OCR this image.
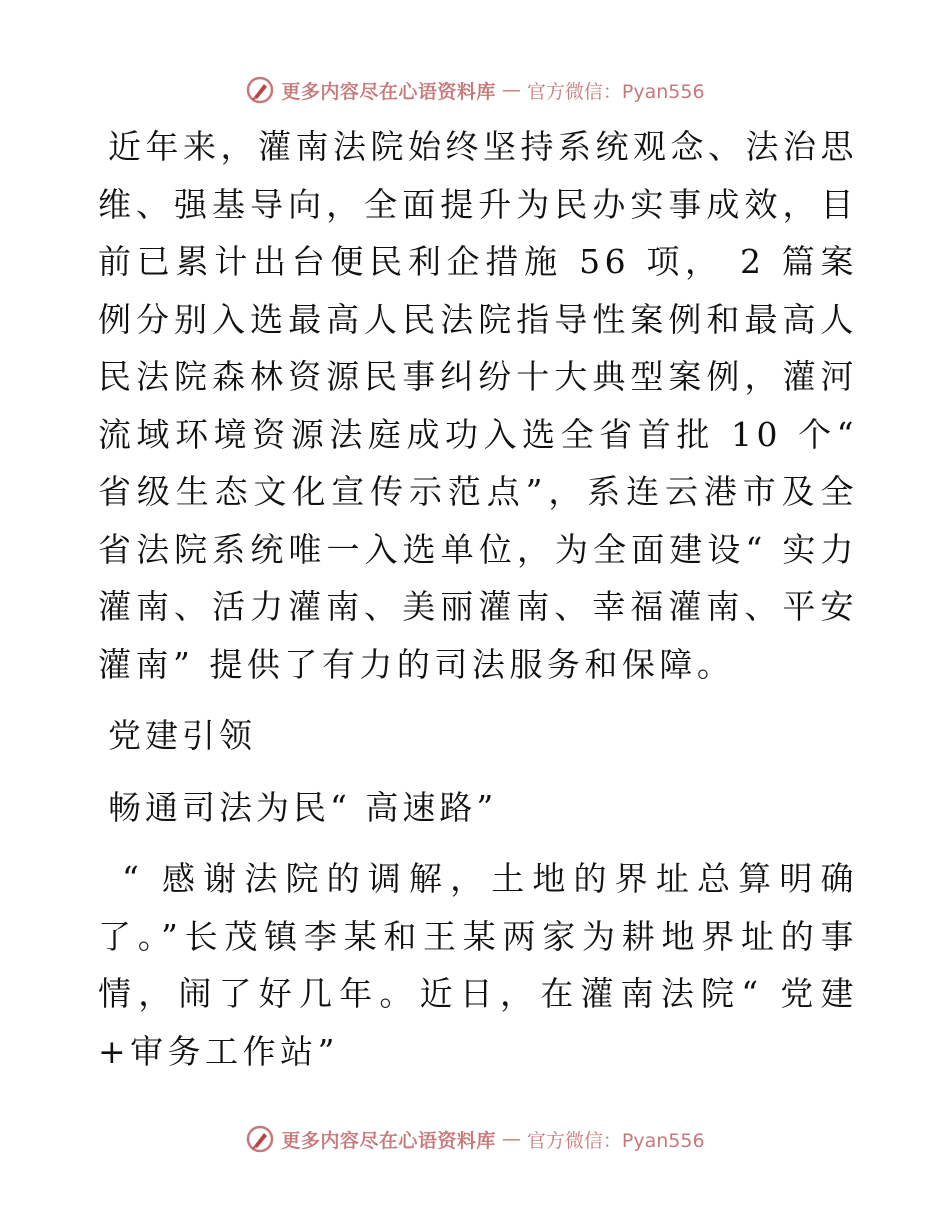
更多内容尽在心语资料库 — 官方微信：Pyan556

近年来，灌南法院始终坚持系统观念、法治思维、强基导向，全面提升为民办实事成效，目前已累计出台便民利企措施 56 项， 2 篇案例分别入选最高人民法院指导性案例和最高人民法院森林资源民事纠纷十大典型案例，灌河流域环境资源法庭成功入选全省首批 10 个“ 省级生态文化宣传示范点”，系连云港市及全省法院系统唯一入选单位，为全面建设“ 实力灌南、活力灌南、美丽灌南、幸福灌南、平安灌南” 提供了有力的司法服务和保障。

党建引领

畅通司法为民“ 高速路”

“ 感谢法院的调解，土地的界址总算明确了。”长茂镇李某和王某两家为耕地界址的事情，闹了好几年。近日，在灌南法院“ 党建+审务工作站”

更多内容尽在心语资料库 — 官方微信：Pyan556
